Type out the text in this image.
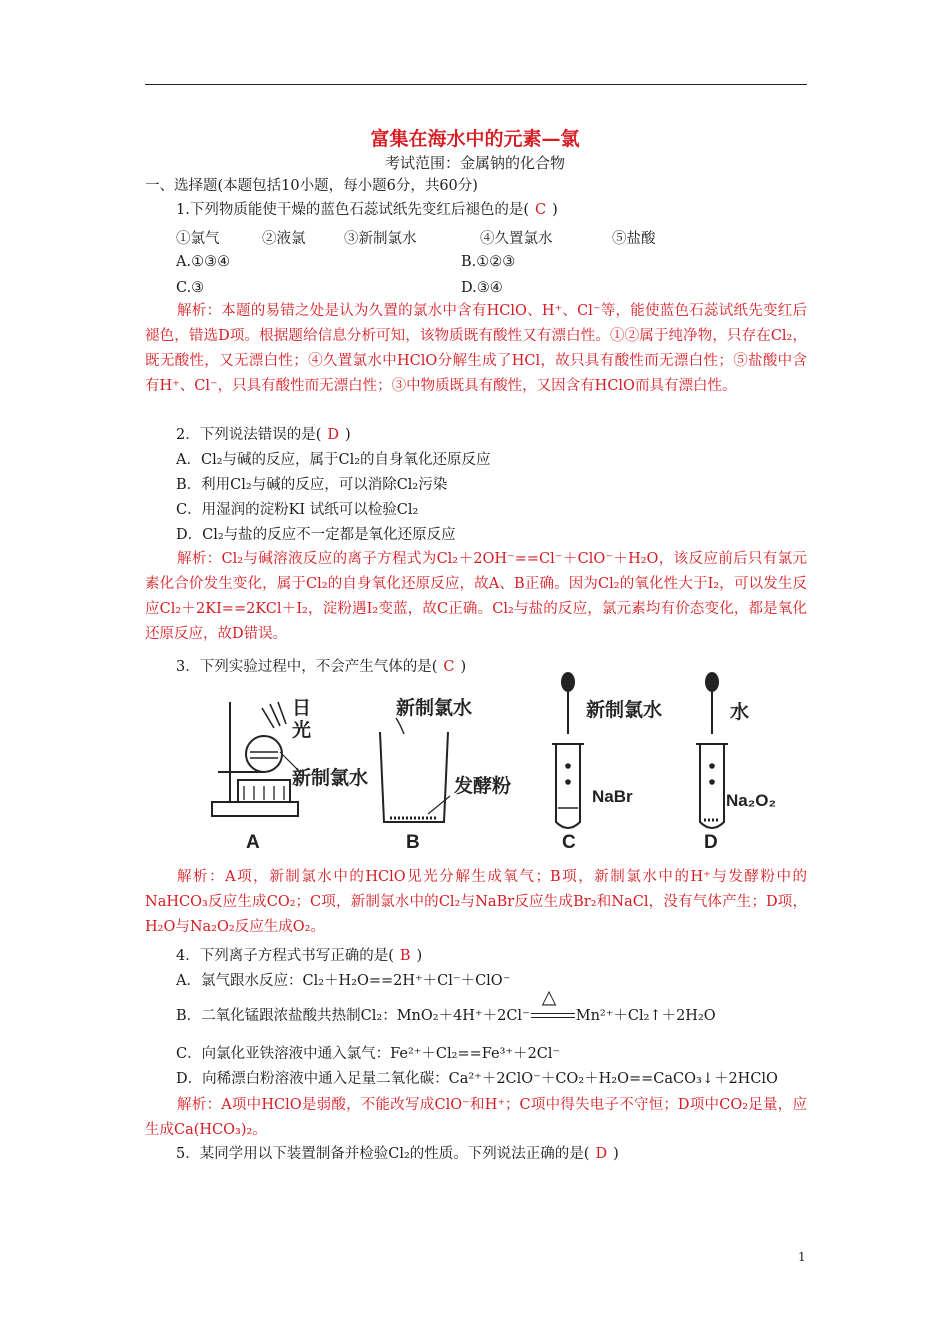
富集在海水中的元素—氯
考试范围：金属钠的化合物
一、选择题(本题包括10小题，每小题6分，共60分)
1.下列物质能使干燥的蓝色石蕊试纸先变红后褪色的是( C )
①氯气	②液氯	③新制氯水	④久置氯水	⑤盐酸
A.①③④	B.①②③
C.③	D.③④
解析：本题的易错之处是认为久置的氯水中含有HClO、H⁺、Cl⁻等，能使蓝色石蕊试纸先变红后褪色，错选D项。根据题给信息分析可知，该物质既有酸性又有漂白性。①②属于纯净物，只存在Cl₂，既无酸性，又无漂白性；④久置氯水中HClO分解生成了HCl，故只具有酸性而无漂白性；⑤盐酸中含有H⁺、Cl⁻，只具有酸性而无漂白性；③中物质既具有酸性，又因含有HClO而具有漂白性。
2．下列说法错误的是( D )
A．Cl₂与碱的反应，属于Cl₂的自身氧化还原反应
B．利用Cl₂与碱的反应，可以消除Cl₂污染
C．用湿润的淀粉KI 试纸可以检验Cl₂
D．Cl₂与盐的反应不一定都是氧化还原反应
解析：Cl₂与碱溶液反应的离子方程式为Cl₂＋2OH⁻==Cl⁻＋ClO⁻＋H₂O，该反应前后只有氯元素化合价发生变化，属于Cl₂的自身氧化还原反应，故A、B正确。因为Cl₂的氧化性大于I₂，可以发生反应Cl₂＋2KI==2KCl＋I₂，淀粉遇I₂变蓝，故C正确。Cl₂与盐的反应，氯元素均有价态变化，都是氧化还原反应，故D错误。
3．下列实验过程中，不会产生气体的是( C )
日
光
新制氯水
A
新制氯水
发酵粉
B
新制氯水
NaBr
C
水
Na₂O₂
D
解析：A项，新制氯水中的HClO见光分解生成氧气；B项，新制氯水中的H⁺与发酵粉中的NaHCO₃反应生成CO₂；C项，新制氯水中的Cl₂与NaBr反应生成Br₂和NaCl，没有气体产生；D项，H₂O与Na₂O₂反应生成O₂。
4．下列离子方程式书写正确的是( B )
A．氯气跟水反应：Cl₂＋H₂O==2H⁺＋Cl⁻＋ClO⁻
B．二氧化锰跟浓盐酸共热制Cl₂：MnO₂＋4H⁺＋2Cl⁻
△
Mn²⁺＋Cl₂↑＋2H₂O
C．向氯化亚铁溶液中通入氯气：Fe²⁺＋Cl₂==Fe³⁺＋2Cl⁻
D．向稀漂白粉溶液中通入足量二氧化碳：Ca²⁺＋2ClO⁻＋CO₂＋H₂O==CaCO₃↓＋2HClO
解析：A项中HClO是弱酸，不能改写成ClO⁻和H⁺；C项中得失电子不守恒；D项中CO₂足量，应生成Ca(HCO₃)₂。
5．某同学用以下装置制备并检验Cl₂的性质。下列说法正确的是( D )
1
